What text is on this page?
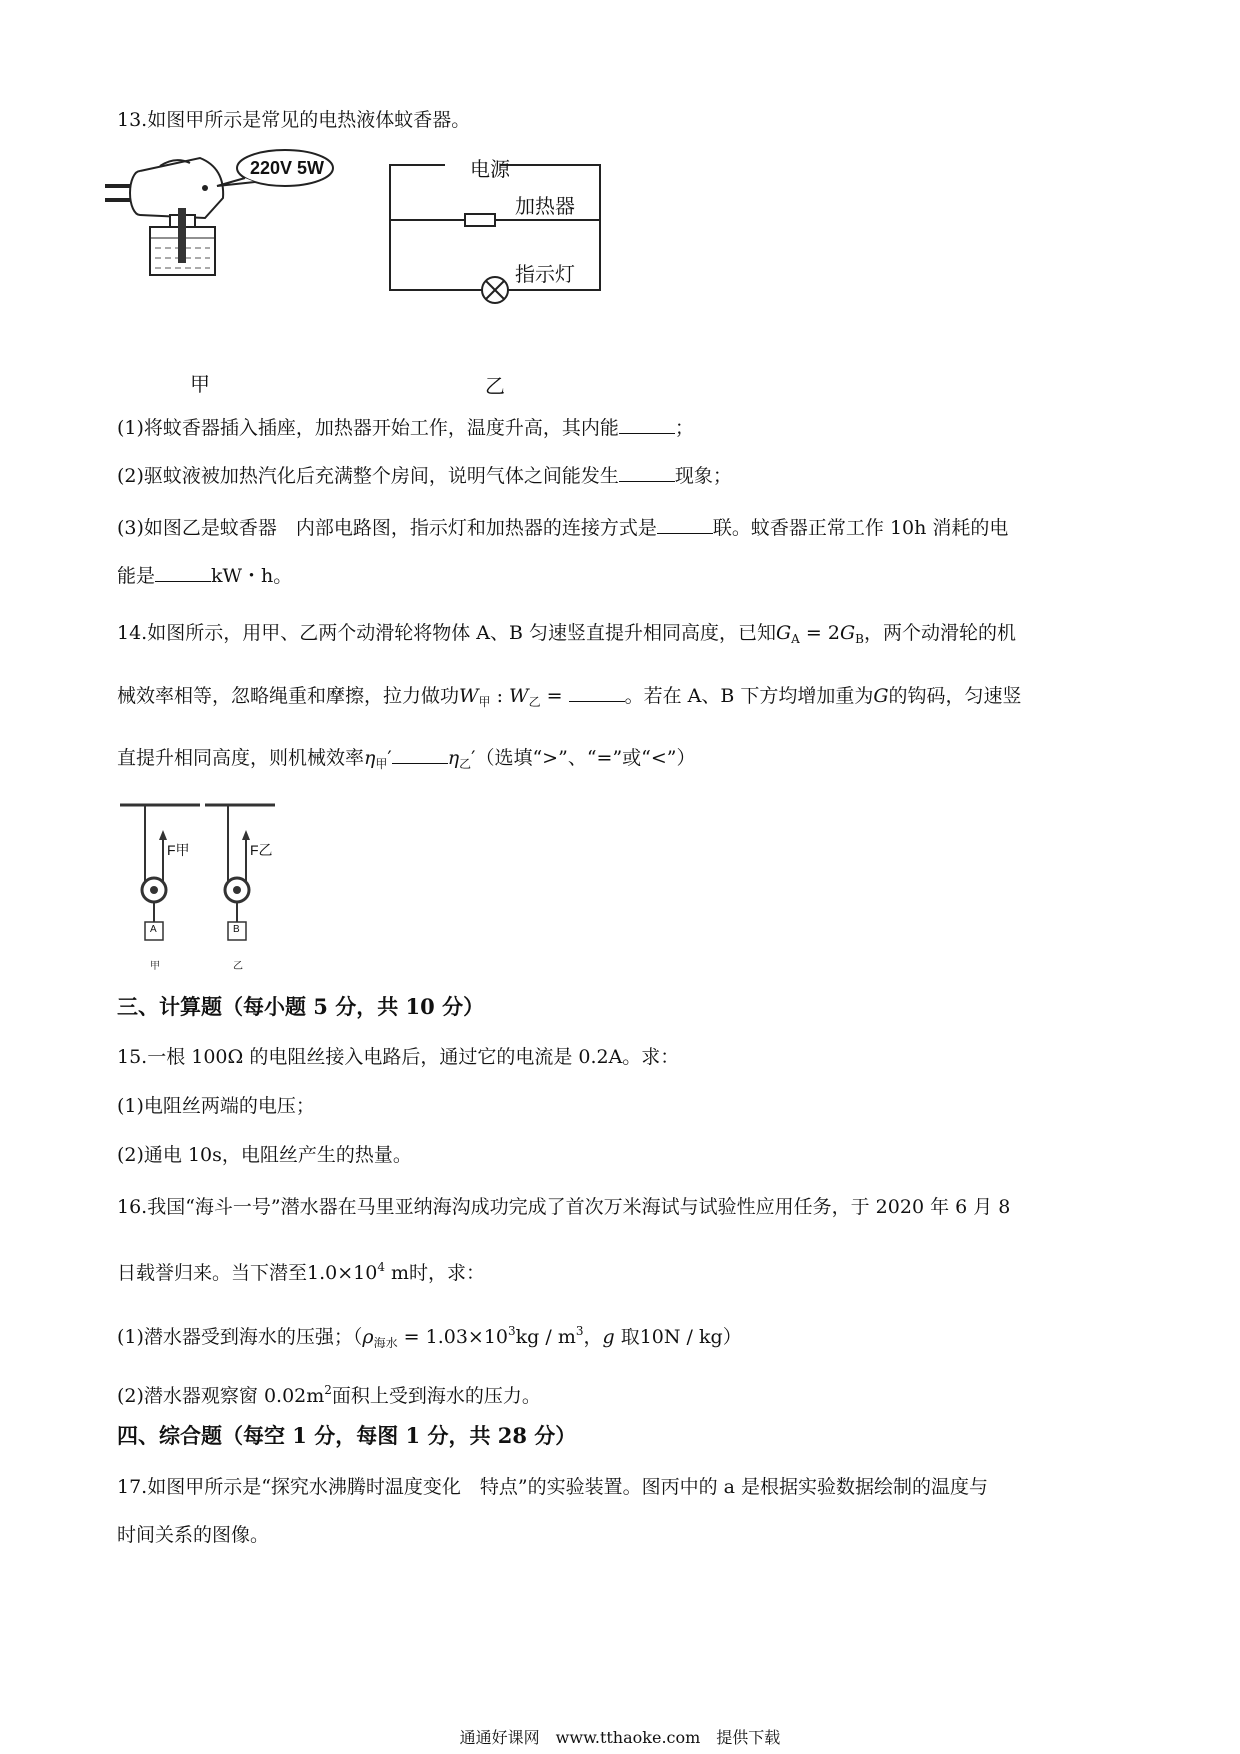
13.如图甲所示是常见的电热液体蚊香器。
220V 5W	电源
加热器
指示灯
甲	乙
(1)将蚊香器插入插座，加热器开始工作，温度升高，其内能	；
(2)驱蚊液被加热汽化后充满整个房间，说明气体之间能发生	现象；
(3)如图乙是蚊香器　内部电路图，指示灯和加热器的连接方式是	联。蚊香器正常工作 10h 消耗的电
能是	kW・h。
14.如图所示，用甲、乙两个动滑轮将物体 A、B 匀速竖直提升相同高度，已知$G_A = 2G_B$，两个动滑轮的机
械效率相等，忽略绳重和摩擦，拉力做功$W_甲$ : $W_乙$ =	。若在 A、B 下方均增加重为G的钩码，匀速竖
直提升相同高度，则机械效率$\eta_甲'$	$\eta_乙'$（选填“>”、“=”或“<”）
F甲	F乙
A	B
甲	乙
三、计算题（每小题 5 分，共 10 分）
15.一根 100Ω 的电阻丝接入电路后，通过它的电流是 0.2A。求：
(1)电阻丝两端的电压；
(2)通电 10s，电阻丝产生的热量。
16.我国“海斗一号”潜水器在马里亚纳海沟成功完成了首次万米海试与试验性应用任务，于 2020 年 6 月 8
日载誉归来。当下潜至$1.0\times 10^4$ m时，求：
(1)潜水器受到海水的压强；（$\rho_{海水} = 1.03\times 10^3kg / m^3$，g 取10N / kg）
(2)潜水器观察窗 $0.02m^2$面积上受到海水的压力。
四、综合题（每空 1 分，每图 1 分，共 28 分）
17.如图甲所示是“探究水沸腾时温度变化　特点”的实验装置。图丙中的 a 是根据实验数据绘制的温度与
时间关系的图像。
通通好课网　www.tthaoke.com　提供下载
